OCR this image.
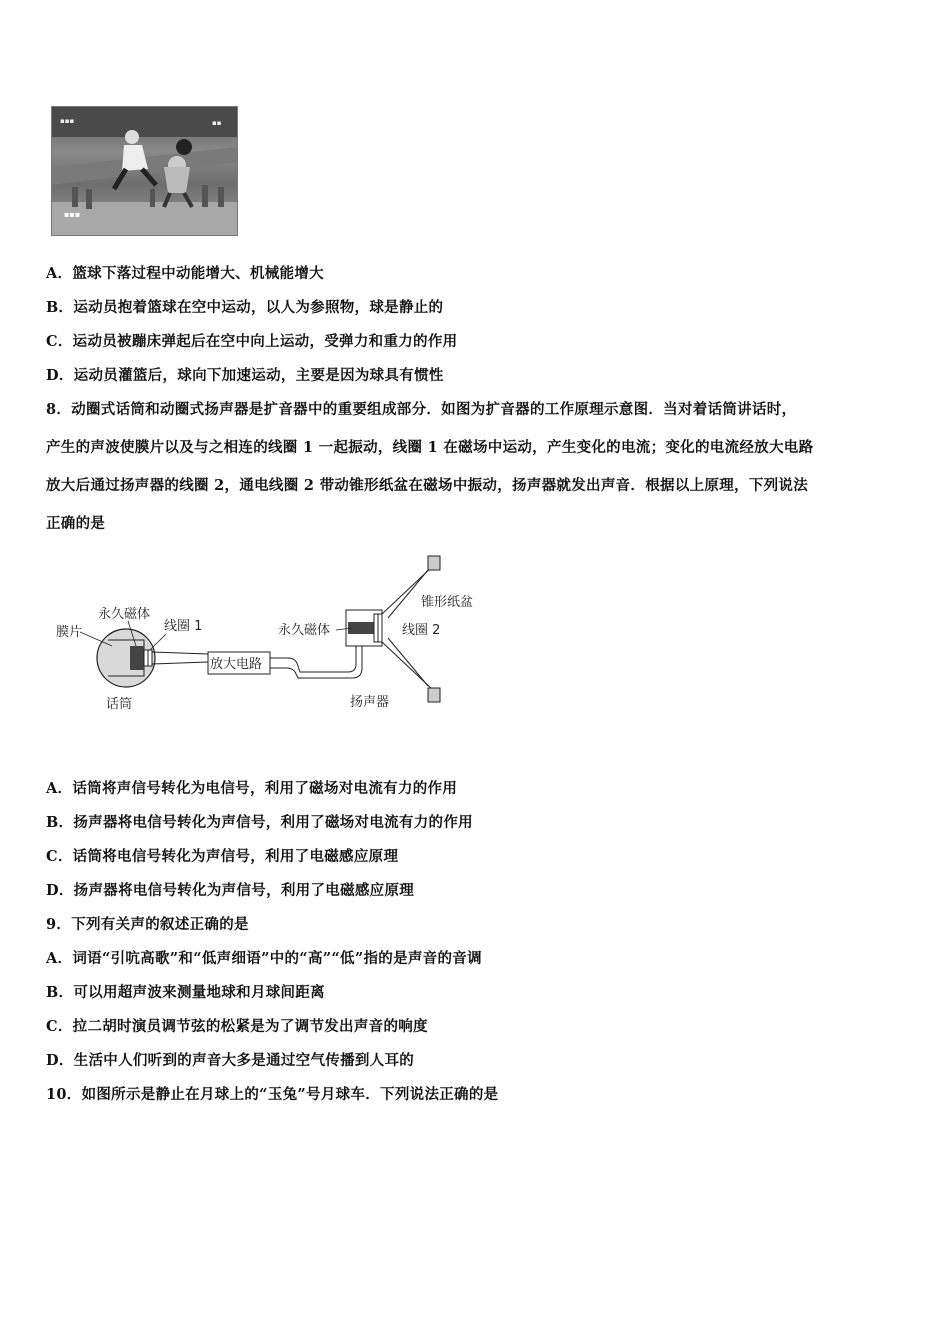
▪▪▪
▪▪
▪▪▪
A．篮球下落过程中动能增大、机械能增大
B．运动员抱着篮球在空中运动，以人为参照物，球是静止的
C．运动员被蹦床弹起后在空中向上运动，受弹力和重力的作用
D．运动员灌篮后，球向下加速运动，主要是因为球具有惯性
8．动圈式话筒和动圈式扬声器是扩音器中的重要组成部分．如图为扩音器的工作原理示意图．当对着话筒讲话时，
产生的声波使膜片以及与之相连的线圈 1 一起振动，线圈 1 在磁场中运动，产生变化的电流；变化的电流经放大电路
放大后通过扬声器的线圈 2，通电线圈 2 带动锥形纸盆在磁场中振动，扬声器就发出声音．根据以上原理，下列说法
正确的是
膜片
永久磁体
线圈 1
放大电路
话筒
永久磁体	线圈 2
锥形纸盆
扬声器
A．话筒将声信号转化为电信号，利用了磁场对电流有力的作用
B．扬声器将电信号转化为声信号，利用了磁场对电流有力的作用
C．话筒将电信号转化为声信号，利用了电磁感应原理
D．扬声器将电信号转化为声信号，利用了电磁感应原理
9．下列有关声的叙述正确的是
A．词语“引吭高歌”和“低声细语”中的“高”“低”指的是声音的音调
B．可以用超声波来测量地球和月球间距离
C．拉二胡时演员调节弦的松紧是为了调节发出声音的响度
D．生活中人们听到的声音大多是通过空气传播到人耳的
10．如图所示是静止在月球上的“玉兔”号月球车．下列说法正确的是
